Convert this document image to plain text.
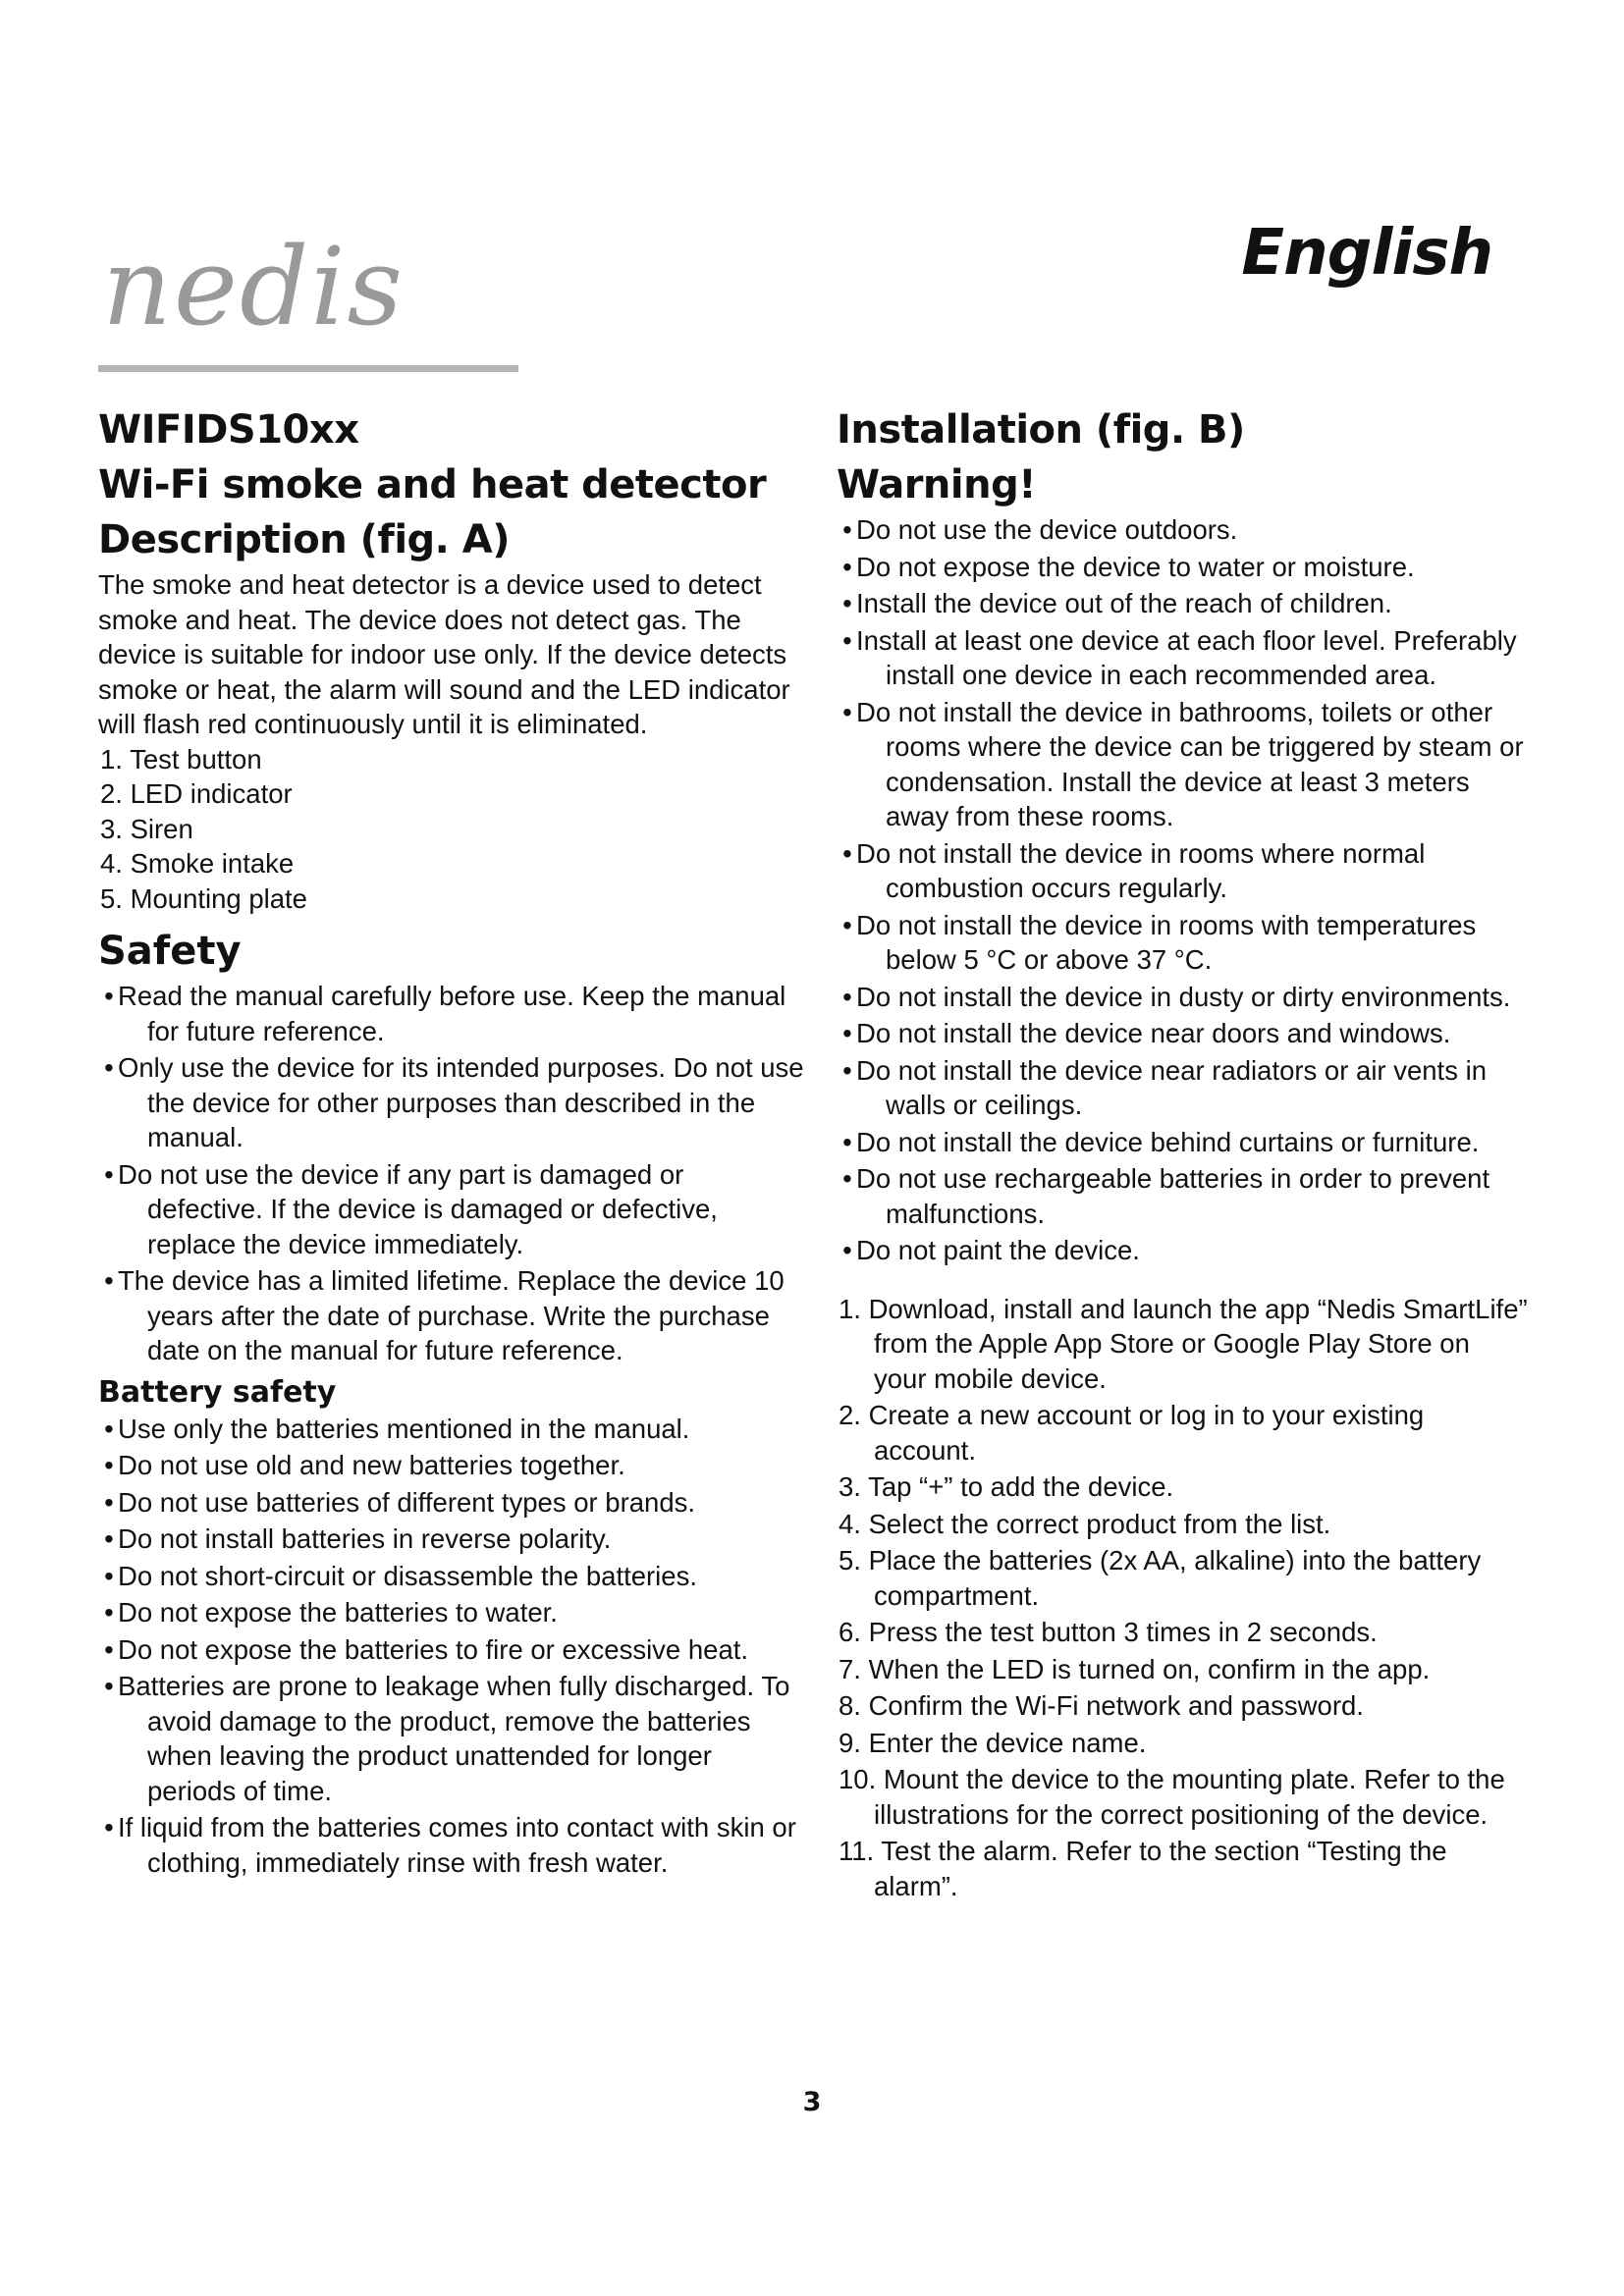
nedis	English
WIFIDS10xx
Wi-Fi smoke and heat detector
Description (fig. A)

The smoke and heat detector is a device used to detect smoke and heat. The device does not detect gas. The device is suitable for indoor use only. If the device detects smoke or heat, the alarm will sound and the LED indicator will flash red continuously until it is eliminated.

1. Test button
2. LED indicator
3. Siren
4. Smoke intake
5. Mounting plate
Safety
• Read the manual carefully before use. Keep the manual for future reference.
• Only use the device for its intended purposes. Do not use the device for other purposes than described in the manual.
• Do not use the device if any part is damaged or defective. If the device is damaged or defective, replace the device immediately.
• The device has a limited lifetime. Replace the device 10 years after the date of purchase. Write the purchase date on the manual for future reference.
Battery safety
• Use only the batteries mentioned in the manual.
• Do not use old and new batteries together.
• Do not use batteries of different types or brands.
• Do not install batteries in reverse polarity.
• Do not short-circuit or disassemble the batteries.
• Do not expose the batteries to water.
• Do not expose the batteries to fire or excessive heat.
• Batteries are prone to leakage when fully discharged. To avoid damage to the product, remove the batteries when leaving the product unattended for longer periods of time.
• If liquid from the batteries comes into contact with skin or clothing, immediately rinse with fresh water.
Installation (fig. B)
Warning!
• Do not use the device outdoors.
• Do not expose the device to water or moisture.
• Install the device out of the reach of children.
• Install at least one device at each floor level. Preferably install one device in each recommended area.
• Do not install the device in bathrooms, toilets or other rooms where the device can be triggered by steam or condensation. Install the device at least 3 meters away from these rooms.
• Do not install the device in rooms where normal combustion occurs regularly.
• Do not install the device in rooms with temperatures below 5 °C or above 37 °C.
• Do not install the device in dusty or dirty environments.
• Do not install the device near doors and windows.
• Do not install the device near radiators or air vents in walls or ceilings.
• Do not install the device behind curtains or furniture.
• Do not use rechargeable batteries in order to prevent malfunctions.
• Do not paint the device.
1. Download, install and launch the app “Nedis SmartLife” from the Apple App Store or Google Play Store on your mobile device.
2. Create a new account or log in to your existing account.
3. Tap “+” to add the device.
4. Select the correct product from the list.
5. Place the batteries (2x AA, alkaline) into the battery compartment.
6. Press the test button 3 times in 2 seconds.
7. When the LED is turned on, confirm in the app.
8. Confirm the Wi-Fi network and password.
9. Enter the device name.
10. Mount the device to the mounting plate. Refer to the illustrations for the correct positioning of the device.
11. Test the alarm. Refer to the section “Testing the alarm”.
3
